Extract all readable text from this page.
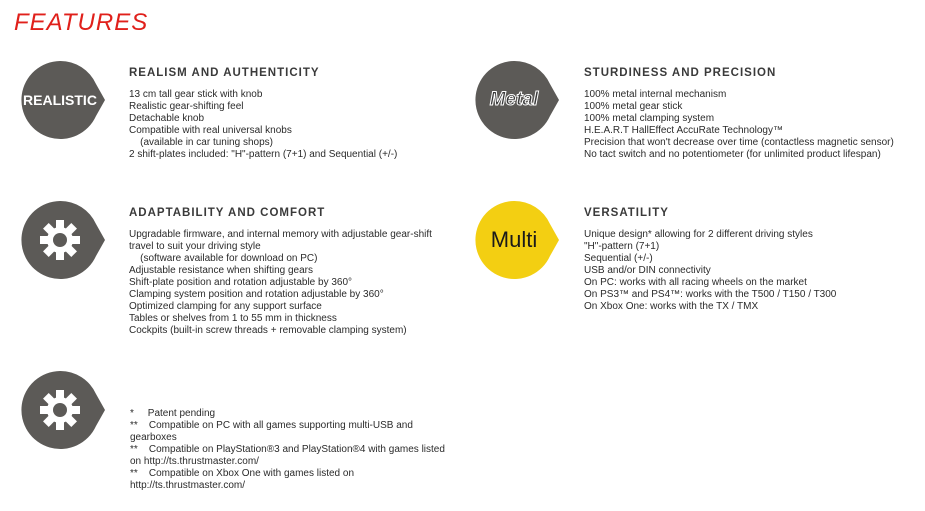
FEATURES
REALISTIC
REALISM AND AUTHENTICITY
13 cm tall gear stick with knob
Realistic gear-shifting feel
Detachable knob
Compatible with real universal knobs
(available in car tuning shops)
2 shift-plates included: "H"-pattern (7+1) and Sequential (+/-)
Metal
STURDINESS AND PRECISION
100% metal internal mechanism
100% metal gear stick
100% metal clamping system
H.E.A.R.T HallEffect AccuRate Technology™
Precision that won't decrease over time (contactless magnetic sensor)
No tact switch and no potentiometer (for unlimited product lifespan)
ADAPTABILITY AND COMFORT
Upgradable firmware, and internal memory with adjustable gear-shift travel to suit your driving style
(software available for download on PC)
Adjustable resistance when shifting gears
Shift-plate position and rotation adjustable by 360°
Clamping system position and rotation adjustable by 360°
Optimized clamping for any support surface
Tables or shelves from 1 to 55 mm in thickness
Cockpits (built-in screw threads + removable clamping system)
Multi
VERSATILITY
Unique design* allowing for 2 different driving styles
"H"-pattern (7+1)
Sequential (+/-)
USB and/or DIN connectivity
On PC: works with all racing wheels on the market
On PS3™ and PS4™: works with the T500 / T150 / T300
On Xbox One: works with the TX / TMX
*     Patent pending
**    Compatible on PC with all games supporting multi-USB and gearboxes
**    Compatible on PlayStation®3 and PlayStation®4 with games listed on http://ts.thrustmaster.com/
**    Compatible on Xbox One with games listed on http://ts.thrustmaster.com/
